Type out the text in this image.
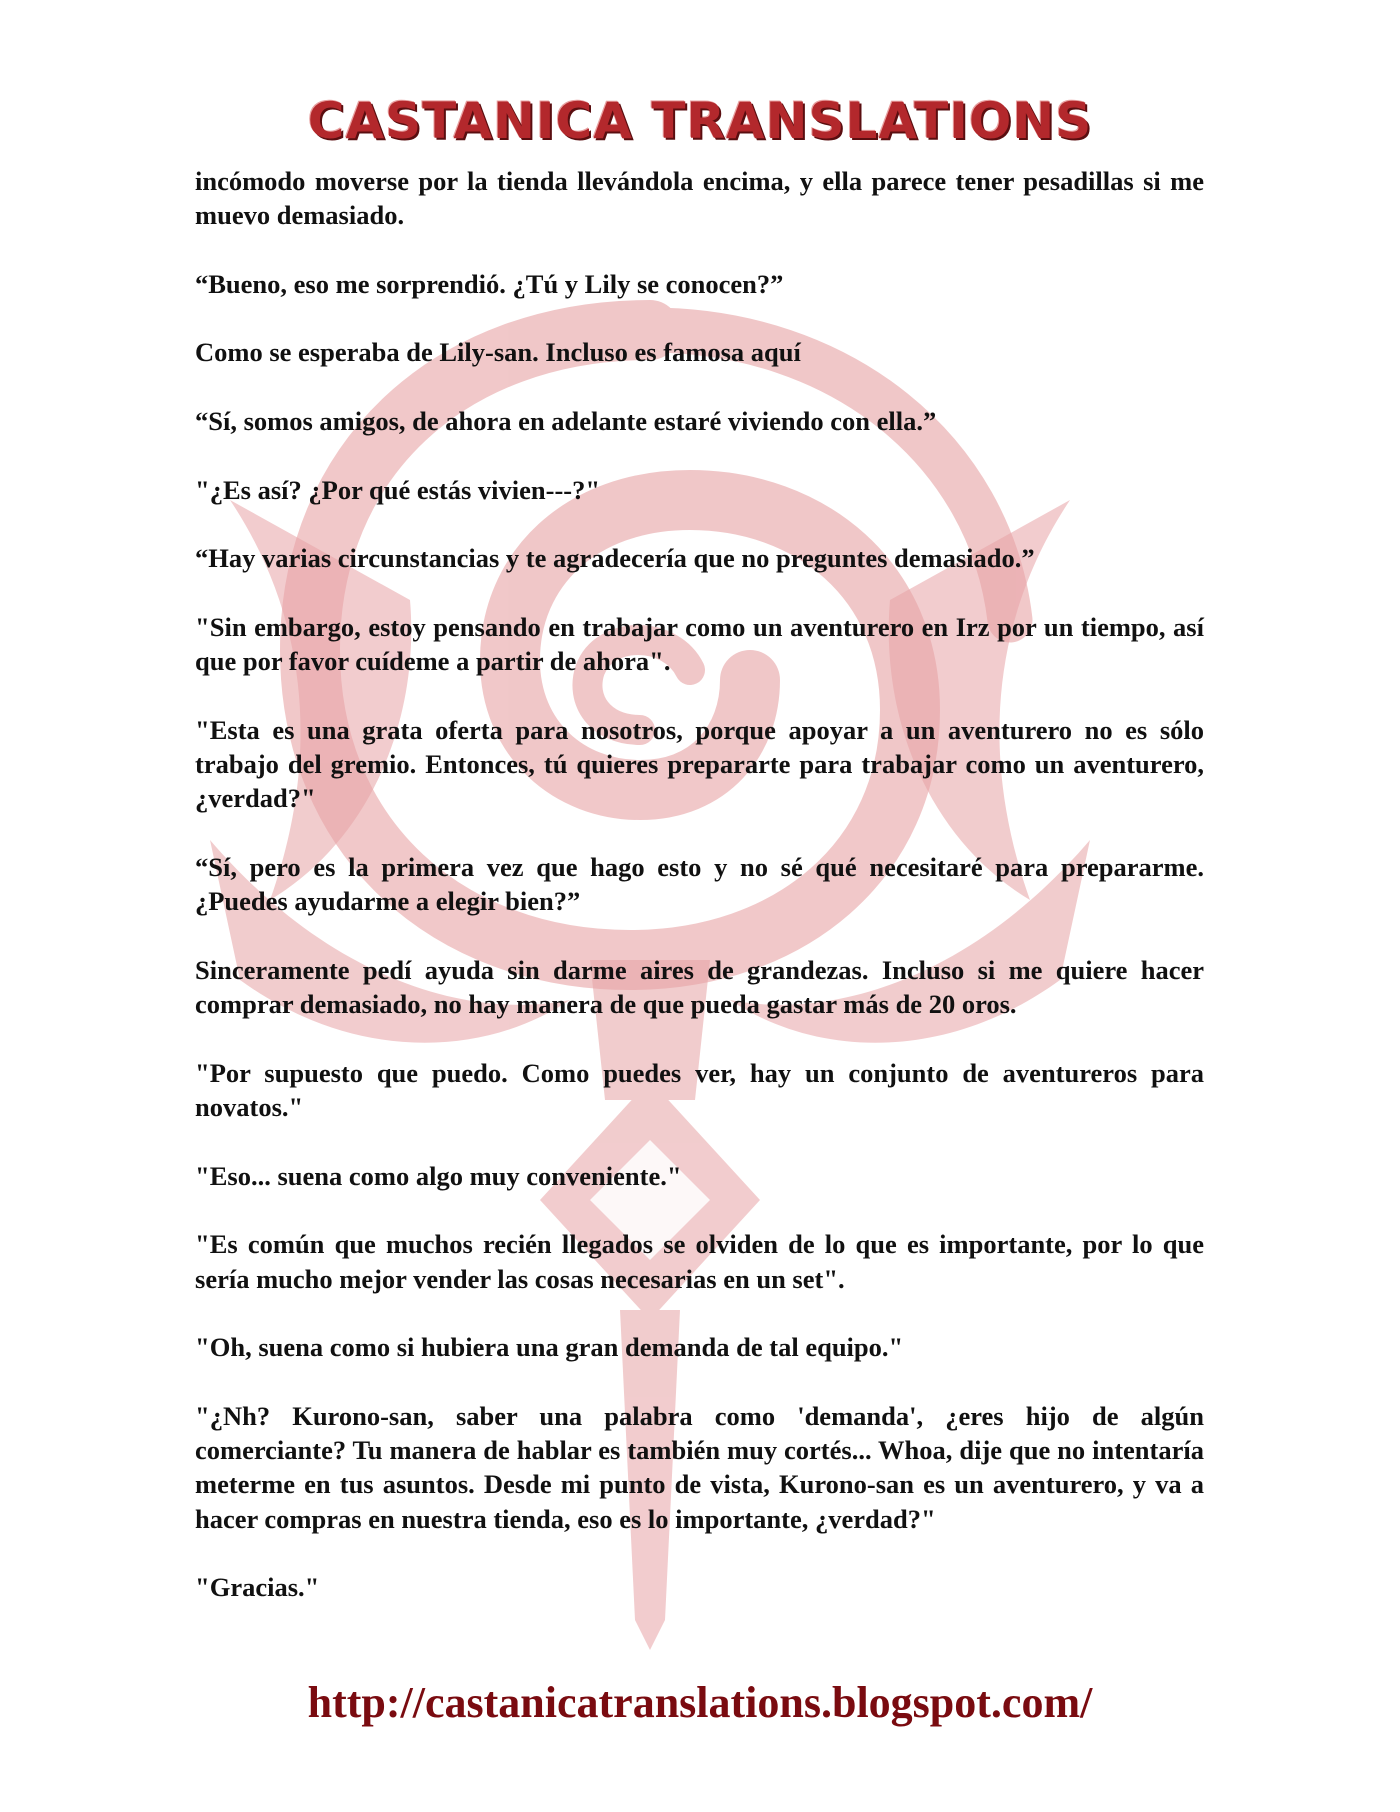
CASTANICA TRANSLATIONS

incómodo moverse por la tienda llevándola encima, y ella parece tener pesadillas si me muevo demasiado.

“Bueno, eso me sorprendió. ¿Tú y Lily se conocen?”

Como se esperaba de Lily-san. Incluso es famosa aquí

“Sí, somos amigos, de ahora en adelante estaré viviendo con ella.”

"¿Es así? ¿Por qué estás vivien---?"

“Hay varias circunstancias y te agradecería que no preguntes demasiado.”

"Sin embargo, estoy pensando en trabajar como un aventurero en Irz por un tiempo, así que por favor cuídeme a partir de ahora".

"Esta es una grata oferta para nosotros, porque apoyar a un aventurero no es sólo trabajo del gremio. Entonces, tú quieres prepararte para trabajar como un aventurero, ¿verdad?"

“Sí, pero es la primera vez que hago esto y no sé qué necesitaré para prepararme. ¿Puedes ayudarme a elegir bien?”

Sinceramente pedí ayuda sin darme aires de grandezas. Incluso si me quiere hacer comprar demasiado, no hay manera de que pueda gastar más de 20 oros.

"Por supuesto que puedo. Como puedes ver, hay un conjunto de aventureros para novatos."

"Eso... suena como algo muy conveniente."

"Es común que muchos recién llegados se olviden de lo que es importante, por lo que sería mucho mejor vender las cosas necesarias en un set".

"Oh, suena como si hubiera una gran demanda de tal equipo."

"¿Nh? Kurono-san, saber una palabra como 'demanda', ¿eres hijo de algún comerciante? Tu manera de hablar es también muy cortés... Whoa, dije que no intentaría meterme en tus asuntos. Desde mi punto de vista, Kurono-san es un aventurero, y va a hacer compras en nuestra tienda, eso es lo importante, ¿verdad?"

"Gracias."

http://castanicatranslations.blogspot.com/
